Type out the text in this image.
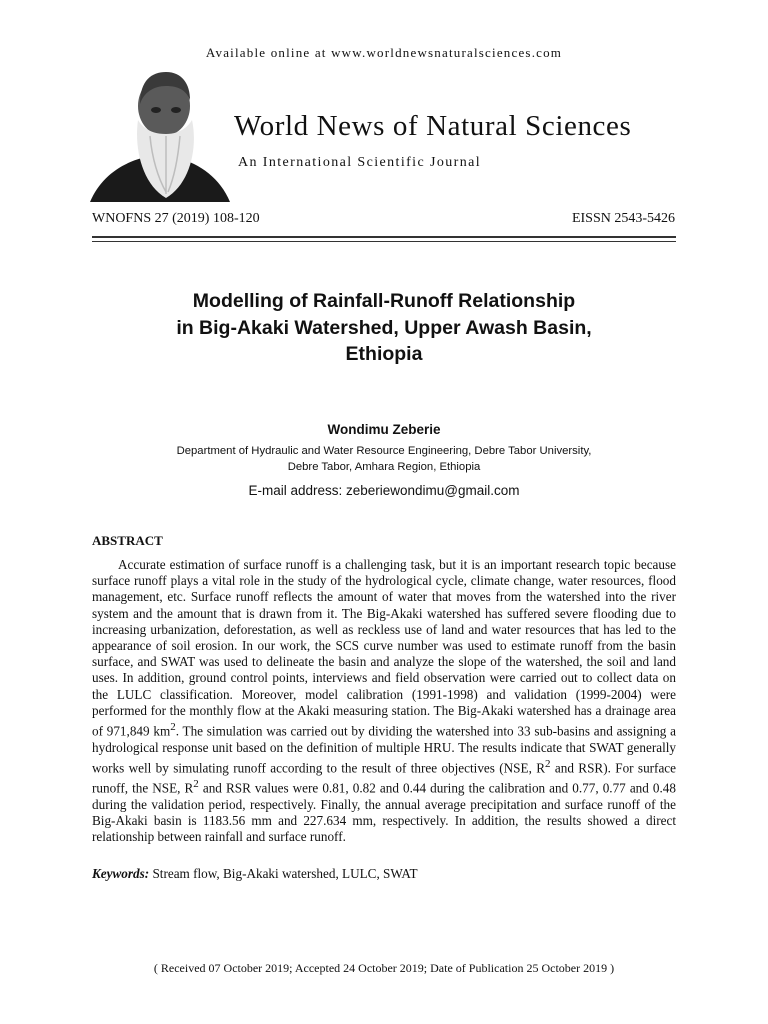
Available online at www.worldnewsnaturalsciences.com
World News of Natural Sciences
An International Scientific Journal
WNOFNS 27 (2019) 108-120	EISSN 2543-5426
Modelling of Rainfall-Runoff Relationship
in Big-Akaki Watershed, Upper Awash Basin,
Ethiopia
Wondimu Zeberie
Department of Hydraulic and Water Resource Engineering, Debre Tabor University,
Debre Tabor, Amhara Region, Ethiopia
E-mail address: zeberiewondimu@gmail.com
ABSTRACT

Accurate estimation of surface runoff is a challenging task, but it is an important research topic because surface runoff plays a vital role in the study of the hydrological cycle, climate change, water resources, flood management, etc. Surface runoff reflects the amount of water that moves from the watershed into the river system and the amount that is drawn from it. The Big-Akaki watershed has suffered severe flooding due to increasing urbanization, deforestation, as well as reckless use of land and water resources that has led to the appearance of soil erosion. In our work, the SCS curve number was used to estimate runoff from the basin surface, and SWAT was used to delineate the basin and analyze the slope of the watershed, the soil and land uses. In addition, ground control points, interviews and field observation were carried out to collect data on the LULC classification. Moreover, model calibration (1991-1998) and validation (1999-2004) were performed for the monthly flow at the Akaki measuring station. The Big-Akaki watershed has a drainage area of 971,849 $km^2$. The simulation was carried out by dividing the watershed into 33 sub-basins and assigning a hydrological response unit based on the definition of multiple HRU. The results indicate that SWAT generally works well by simulating runoff according to the result of three objectives (NSE, $R^2$ and RSR). For surface runoff, the NSE, $R^2$ and RSR values were 0.81, 0.82 and 0.44 during the calibration and 0.77, 0.77 and 0.48 during the validation period, respectively. Finally, the annual average precipitation and surface runoff of the Big-Akaki basin is 1183.56 mm and 227.634 mm, respectively. In addition, the results showed a direct relationship between rainfall and surface runoff.

Keywords: Stream flow, Big-Akaki watershed, LULC, SWAT
( Received 07 October 2019; Accepted 24 October 2019; Date of Publication 25 October 2019 )
